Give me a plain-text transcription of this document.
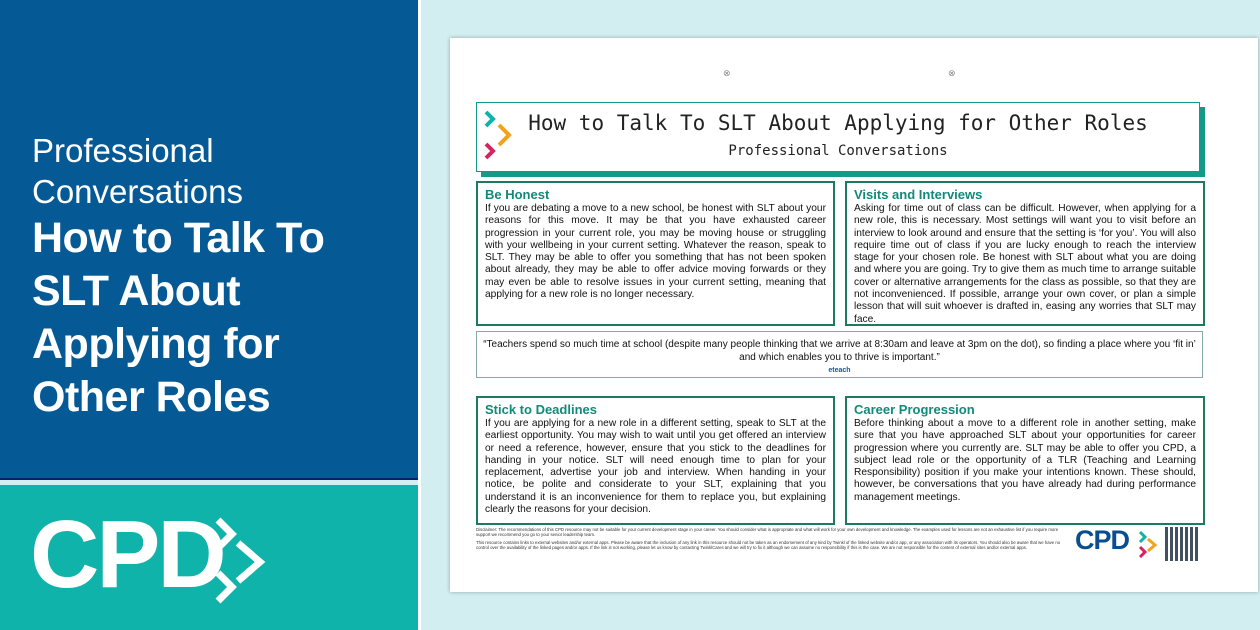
Professional Conversations
How to Talk To SLT About Applying for Other Roles
CPD
⊗	⊗
How to Talk To SLT About Applying for Other Roles
Professional Conversations
Be Honest

If you are debating a move to a new school, be honest with SLT about your reasons for this move. It may be that you have exhausted career progression in your current role, you may be moving house or struggling with your wellbeing in your current setting. Whatever the reason, speak to SLT. They may be able to offer you something that has not been spoken about already, they may be able to offer advice moving forwards or they may even be able to resolve issues in your current setting, meaning that applying for a new role is no longer necessary.

Visits and Interviews

Asking for time out of class can be difficult. However, when applying for a new role, this is necessary. Most settings will want you to visit before an interview to look around and ensure that the setting is ‘for you’. You will also require time out of class if you are lucky enough to reach the interview stage for your chosen role. Be honest with SLT about what you are doing and where you are going. Try to give them as much time to arrange suitable cover or alternative arrangements for the class as possible, so that they are not inconvenienced. If possible, arrange your own cover, or plan a simple lesson that will suit whoever is drafted in, easing any worries that SLT may face.

“Teachers spend so much time at school (despite many people thinking that we arrive at 8:30am and leave at 3pm on the dot), so finding a place where you ‘fit in’ and which enables you to thrive is important.”

eteach
Stick to Deadlines

If you are applying for a new role in a different setting, speak to SLT at the earliest opportunity. You may wish to wait until you get offered an interview or need a reference, however, ensure that you stick to the deadlines for handing in your notice. SLT will need enough time to plan for your replacement, advertise your job and interview. When handing in your notice, be polite and considerate to your SLT, explaining that you understand it is an inconvenience for them to replace you, but explaining clearly the reasons for your decision.

Career Progression

Before thinking about a move to a different role in another setting, make sure that you have approached SLT about your opportunities for career progression where you currently are. SLT may be able to offer you CPD, a subject lead role or the opportunity of a TLR (Teaching and Learning Responsibility) position if you make your intentions known. These should, however, be conversations that you have already had during performance management meetings.

Disclaimer: The recommendations of this CPD resource may not be suitable for your current development stage in your career. You should consider what is appropriate and what will work for your own development and knowledge. The examples used for lessons are not an exhaustive list if you require more support we recommend you go to your senior leadership team.

This resource contains links to external websites and/or external apps. Please be aware that the inclusion of any link in this resource should not be taken as an endorsement of any kind by Twinkl of the linked website and/or app, or any association with its operators. You should also be aware that we have no control over the availability of the linked pages and/or apps. If the link is not working, please let us know by contacting TwinklCares and we will try to fix it although we can assume no responsibility if this is the case. We are not responsible for the content of external sites and/or external apps.	CPD
